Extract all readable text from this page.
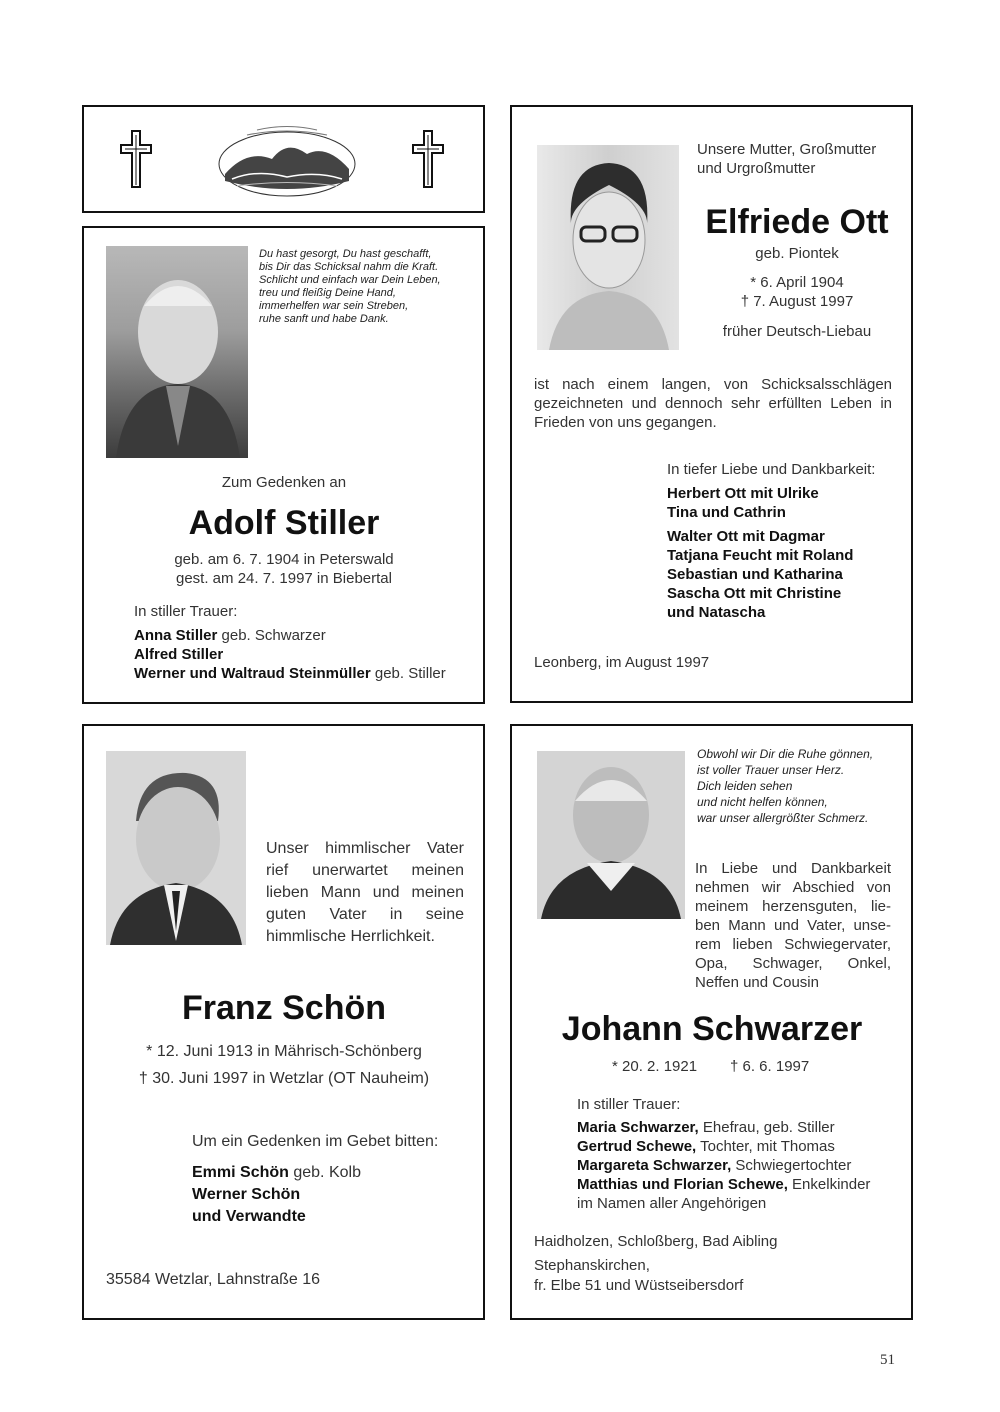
Du hast gesorgt, Du hast geschafft,
bis Dir das Schicksal nahm die Kraft.
Schlicht und einfach war Dein Leben,
treu und fleißig Deine Hand,
immerhelfen war sein Streben,
ruhe sanft und habe Dank.
Zum Gedenken an
Adolf Stiller
geb. am 6. 7. 1904 in Peterswald
gest. am 24. 7. 1997 in Biebertal
In stiller Trauer:
Anna Stiller geb. Schwarzer
Alfred Stiller
Werner und Waltraud Steinmüller geb. Stiller
Unsere Mutter, Großmutter
und Urgroßmutter
Elfriede Ott
geb. Piontek
* 6. April 1904
† 7. August 1997
früher Deutsch-Liebau
ist nach einem langen, von Schicksalsschlägen gezeichneten und dennoch sehr erfüllten Leben in Frieden von uns gegangen.
In tiefer Liebe und Dankbarkeit:
Herbert Ott mit Ulrike
Tina und Cathrin
Walter Ott mit Dagmar
Tatjana Feucht mit Roland
Sebastian und Katharina
Sascha Ott mit Christine
und Natascha
Leonberg, im August 1997
Unser himmlischer Vater
rief unerwartet meinen
lieben Mann und meinen
guten Vater in seine
himmlische Herrlichkeit.
Franz Schön
* 12. Juni 1913 in Mährisch-Schönberg
† 30. Juni 1997 in Wetzlar (OT Nauheim)
Um ein Gedenken im Gebet bitten:
Emmi Schön geb. Kolb
Werner Schön
und Verwandte
35584 Wetzlar, Lahnstraße 16
Obwohl wir Dir die Ruhe gönnen,
ist voller Trauer unser Herz.
Dich leiden sehen
und nicht helfen können,
war unser allergrößter Schmerz.
In Liebe und Dankbarkeit
nehmen wir Abschied von
meinem herzensguten, lie-
ben Mann und Vater, unse-
rem lieben Schwiegervater,
Opa, Schwager, Onkel,
Neffen und Cousin
Johann Schwarzer
* 20. 2. 1921 † 6. 6. 1997
In stiller Trauer:
Maria Schwarzer, Ehefrau, geb. Stiller
Gertrud Schewe, Tochter, mit Thomas
Margareta Schwarzer, Schwiegertochter
Matthias und Florian Schewe, Enkelkinder
im Namen aller Angehörigen
Haidholzen, Schloßberg, Bad Aibling
Stephanskirchen,
fr. Elbe 51 und Wüstseibersdorf
51
